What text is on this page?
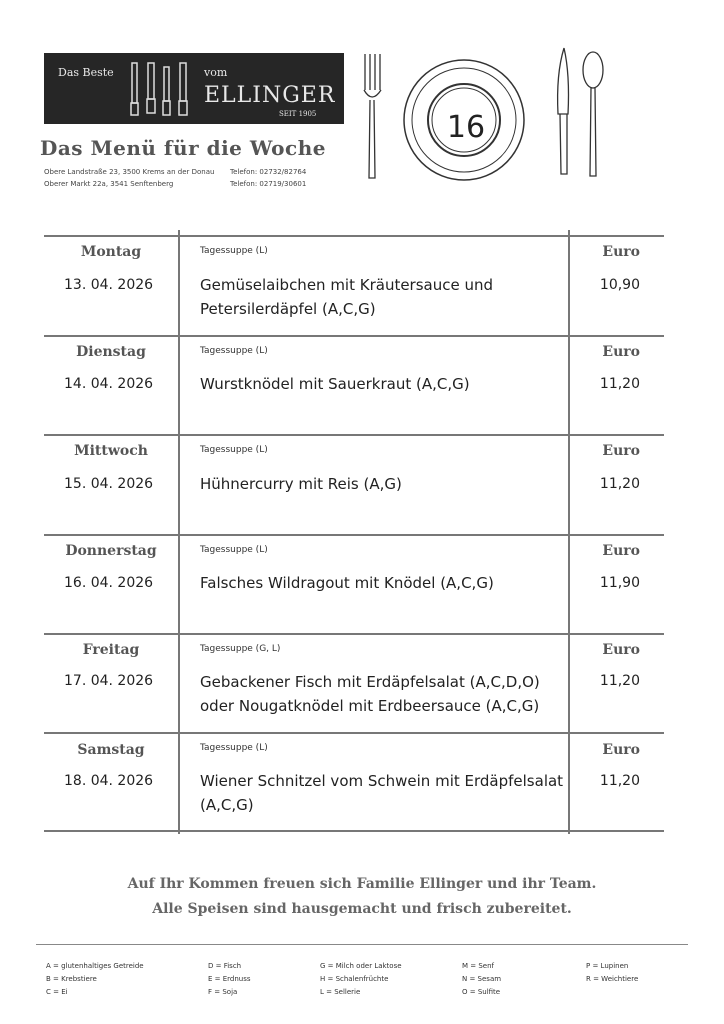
Das Beste	vom
ELLINGER
SEIT 1905
Das Menü für die Woche
Obere Landstraße 23, 3500 Krems an der Donau Telefon: 02732/82764
Oberer Markt 22a, 3541 Senftenberg	Telefon: 02719/30601
16
Montag
13. 04. 2026
Tagessuppe (L)
Gemüselaibchen mit Kräutersauce und Petersilerdäpfel (A,C,G)
Euro
10,90
Dienstag
14. 04. 2026
Tagessuppe (L)
Wurstknödel mit Sauerkraut (A,C,G)
Euro
11,20
Mittwoch
15. 04. 2026
Tagessuppe (L)
Hühnercurry mit Reis (A,G)
Euro
11,20
Donnerstag
16. 04. 2026
Tagessuppe (L)
Falsches Wildragout mit Knödel (A,C,G)
Euro
11,90
Freitag
17. 04. 2026
Tagessuppe (G, L)
Gebackener Fisch mit Erdäpfelsalat (A,C,D,O) oder Nougatknödel mit Erdbeersauce (A,C,G)
Euro
11,20
Samstag
18. 04. 2026
Tagessuppe (L)
Wiener Schnitzel vom Schwein mit Erdäpfelsalat (A,C,G)
Euro
11,20
Auf Ihr Kommen freuen sich Familie Ellinger und ihr Team.
Alle Speisen sind hausgemacht und frisch zubereitet.
A = glutenhaltiges Getreide
B = Krebstiere
C = Ei
D = Fisch
E = Erdnuss
F = Soja
G = Milch oder Laktose
H = Schalenfrüchte
L = Sellerie
M = Senf
N = Sesam
O = Sulfite
P = Lupinen
R = Weichtiere
